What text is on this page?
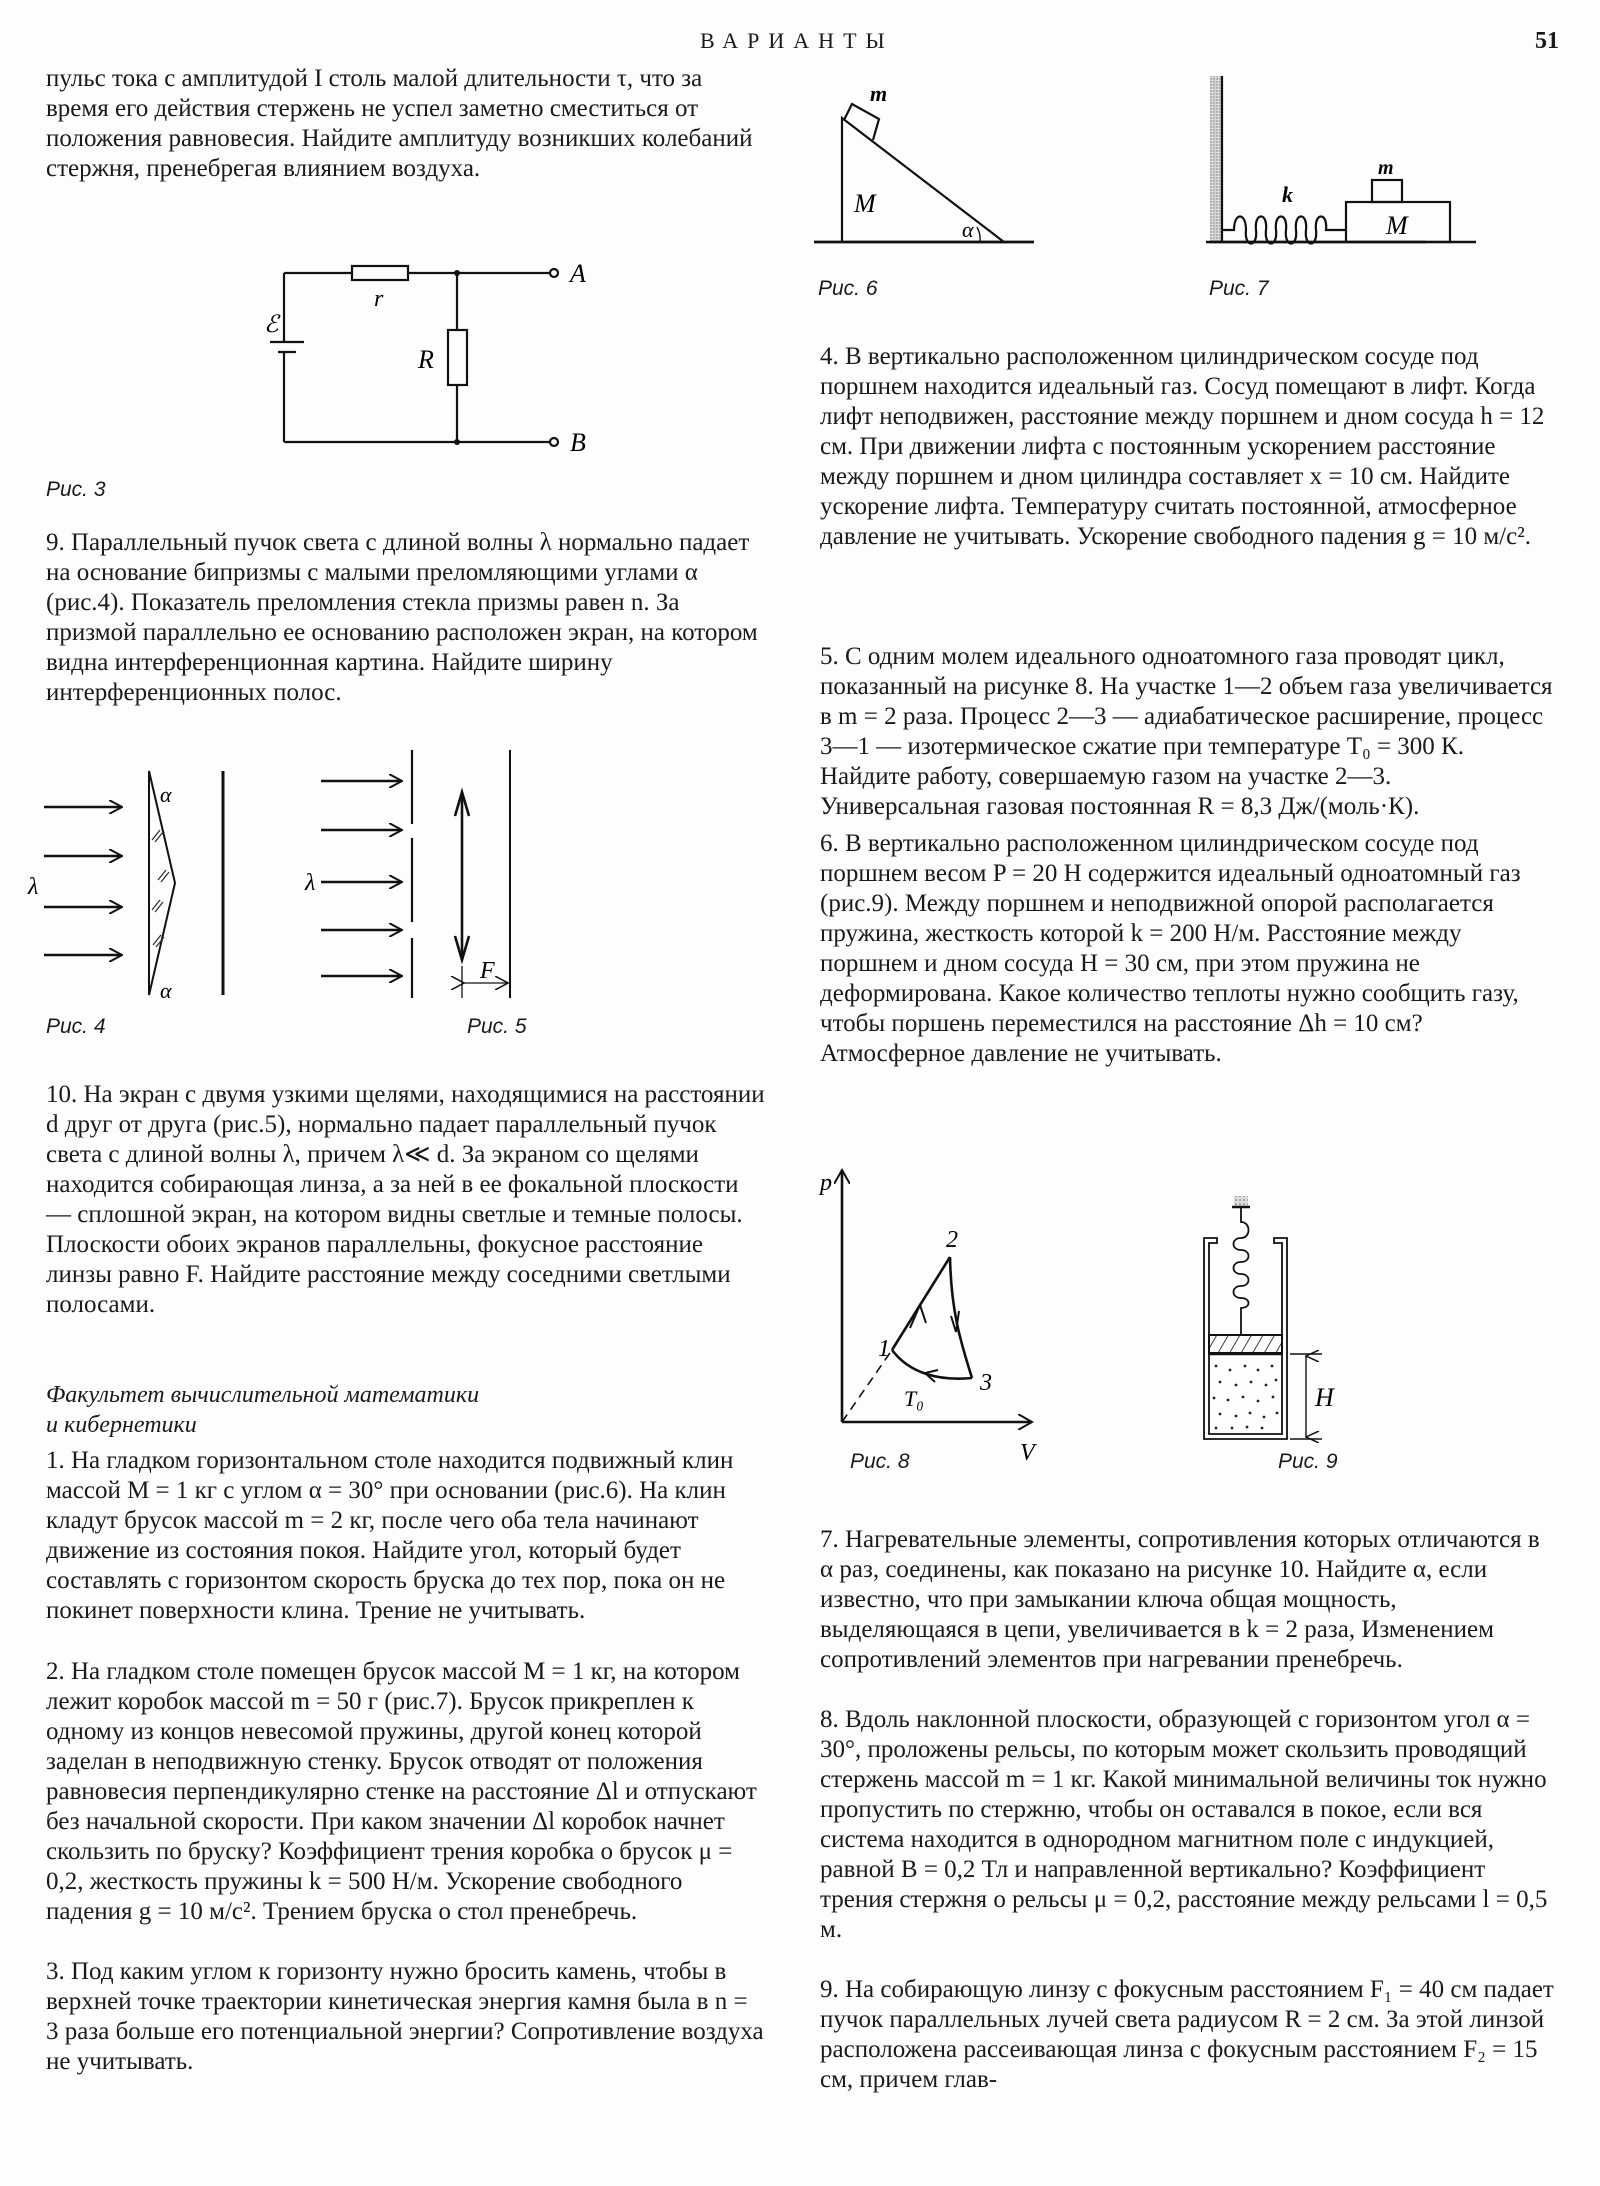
ВАРИАНТЫ	51
пульс тока с амплитудой I столь малой длительности τ, что за время его действия стержень не успел заметно сместиться от положения равновесия. Найдите амплитуду возникших колебаний стержня, пренебрегая влиянием воздуха.
ℰ
r
R
A
B
Рис. 3
9. Параллельный пучок света с длиной волны λ нормально падает на основание бипризмы с малыми преломляющими углами α (рис.4). Показатель преломления стекла призмы равен n. За призмой параллельно ее основанию расположен экран, на котором видна интерференционная картина. Найдите ширину интерференционных полос.
λ
α
α
Рис. 4
λ
F
Рис. 5
10. На экран с двумя узкими щелями, находящимися на расстоянии d друг от друга (рис.5), нормально падает параллельный пучок света с длиной волны λ, причем λ≪ d. За экраном со щелями находится собирающая линза, а за ней в ее фокальной плоскости — сплошной экран, на котором видны светлые и темные полосы. Плоскости обоих экранов параллельны, фокусное расстояние линзы равно F. Найдите расстояние между соседними светлыми полосами.
Факультет вычислительной математики
и кибернетики
1. На гладком горизонтальном столе находится подвижный клин массой M = 1 кг с углом α = 30° при основании (рис.6). На клин кладут брусок массой m = 2 кг, после чего оба тела начинают движение из состояния покоя. Найдите угол, который будет составлять с горизонтом скорость бруска до тех пор, пока он не покинет поверхности клина. Трение не учитывать.
2. На гладком столе помещен брусок массой M = 1 кг, на котором лежит коробок массой m = 50 г (рис.7). Брусок прикреплен к одному из концов невесомой пружины, другой конец которой заделан в неподвижную стенку. Брусок отводят от положения равновесия перпендикулярно стенке на расстояние Δl и отпускают без начальной скорости. При каком значении Δl коробок начнет скользить по бруску? Коэффициент трения коробка о брусок μ = 0,2, жесткость пружины k = 500 Н/м. Ускорение свободного падения g = 10 м/с². Трением бруска о стол пренебречь.
3. Под каким углом к горизонту нужно бросить камень, чтобы в верхней точке траектории кинетическая энергия камня была в n = 3 раза больше его потенциальной энергии? Сопротивление воздуха не учитывать.
m
M
α
Рис. 6
k
m
M
Рис. 7
4. В вертикально расположенном цилиндрическом сосуде под поршнем находится идеальный газ. Сосуд помещают в лифт. Когда лифт неподвижен, расстояние между поршнем и дном сосуда h = 12 см. При движении лифта с постоянным ускорением расстояние между поршнем и дном цилиндра составляет x = 10 см. Найдите ускорение лифта. Температуру считать постоянной, атмосферное давление не учитывать. Ускорение свободного падения g = 10 м/с².
5. С одним молем идеального одноатомного газа проводят цикл, показанный на рисунке 8. На участке 1—2 объем газа увеличивается в m = 2 раза. Процесс 2—3 — адиабатическое расширение, процесс 3—1 — изотермическое сжатие при температуре T₀ = 300 К. Найдите работу, совершаемую газом на участке 2—3. Универсальная газовая постоянная R = 8,3 Дж/(моль·К).
6. В вертикально расположенном цилиндрическом сосуде под поршнем весом P = 20 Н содержится идеальный одноатомный газ (рис.9). Между поршнем и неподвижной опорой располагается пружина, жесткость которой k = 200 Н/м. Расстояние между поршнем и дном сосуда H = 30 см, при этом пружина не деформирована. Какое количество теплоты нужно сообщить газу, чтобы поршень переместился на расстояние Δh = 10 см? Атмосферное давление не учитывать.
p
V
1
2
3
T₀
Рис. 8
H
Рис. 9
7. Нагревательные элементы, сопротивления которых отличаются в α раз, соединены, как показано на рисунке 10. Найдите α, если известно, что при замыкании ключа общая мощность, выделяющаяся в цепи, увеличивается в k = 2 раза, Изменением сопротивлений элементов при нагревании пренебречь.
8. Вдоль наклонной плоскости, образующей с горизонтом угол α = 30°, проложены рельсы, по которым может скользить проводящий стержень массой m = 1 кг. Какой минимальной величины ток нужно пропустить по стержню, чтобы он оставался в покое, если вся система находится в однородном магнитном поле с индукцией, равной B = 0,2 Тл и направленной вертикально? Коэффициент трения стержня о рельсы μ = 0,2, расстояние между рельсами l = 0,5 м.
9. На собирающую линзу с фокусным расстоянием F₁ = 40 см падает пучок параллельных лучей света радиусом R = 2 см. За этой линзой расположена рассеивающая линза с фокусным расстоянием F₂ = 15 см, причем глав-
